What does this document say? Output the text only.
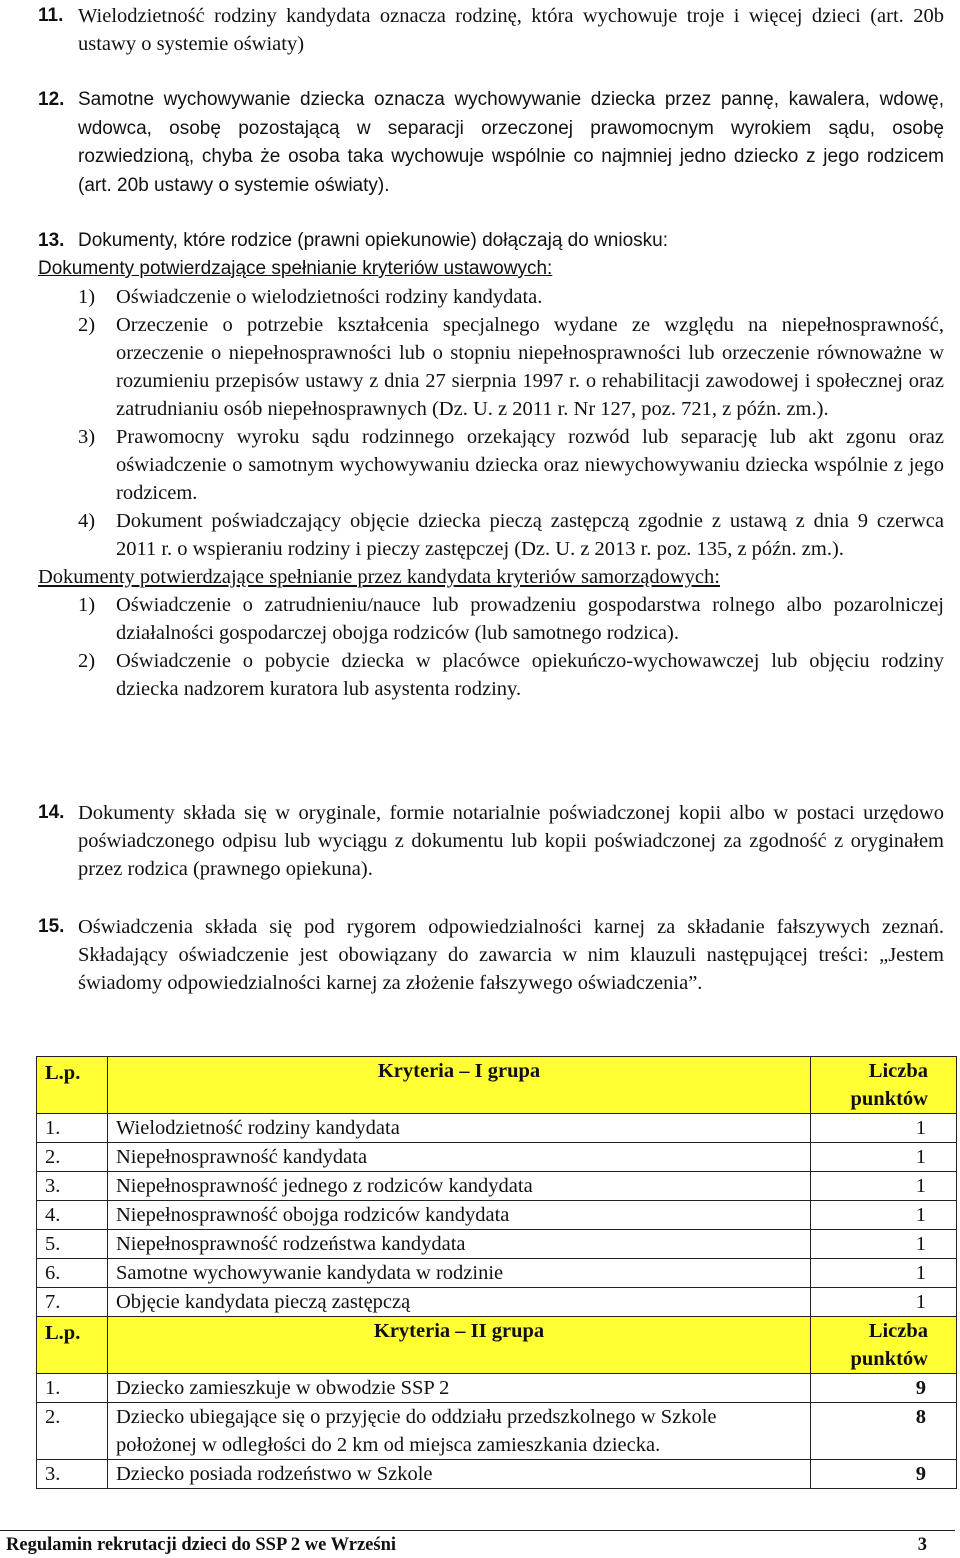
11. Wielodzietność rodziny kandydata oznacza rodzinę, która wychowuje troje i więcej dzieci (art. 20b ustawy o systemie oświaty)
12. Samotne wychowywanie dziecka oznacza wychowywanie dziecka przez pannę, kawalera, wdowę, wdowca, osobę pozostającą w separacji orzeczonej prawomocnym wyrokiem sądu, osobę rozwiedzioną, chyba że osoba taka wychowuje wspólnie co najmniej jedno dziecko z jego rodzicem (art. 20b ustawy o systemie oświaty).
13. Dokumenty, które rodzice (prawni opiekunowie) dołączają do wniosku:
Dokumenty potwierdzające spełnianie kryteriów ustawowych:
1) Oświadczenie o wielodzietności rodziny kandydata.
2) Orzeczenie o potrzebie kształcenia specjalnego wydane ze względu na niepełnosprawność, orzeczenie o niepełnosprawności lub o stopniu niepełnosprawności lub orzeczenie równoważne w rozumieniu przepisów ustawy z dnia 27 sierpnia 1997 r. o rehabilitacji zawodowej i społecznej oraz zatrudnianiu osób niepełnosprawnych (Dz. U. z 2011 r. Nr 127, poz. 721, z późn. zm.).
3) Prawomocny wyroku sądu rodzinnego orzekający rozwód lub separację lub akt zgonu oraz oświadczenie o samotnym wychowywaniu dziecka oraz niewychowywaniu dziecka wspólnie z jego rodzicem.
4) Dokument poświadczający objęcie dziecka pieczą zastępczą zgodnie z ustawą z dnia 9 czerwca 2011 r. o wspieraniu rodziny i pieczy zastępczej (Dz. U. z 2013 r. poz. 135, z późn. zm.).
Dokumenty potwierdzające spełnianie przez kandydata kryteriów samorządowych:
1) Oświadczenie o zatrudnieniu/nauce lub prowadzeniu gospodarstwa rolnego albo pozarolniczej działalności gospodarczej obojga rodziców (lub samotnego rodzica).
2) Oświadczenie o pobycie dziecka w placówce opiekuńczo-wychowawczej lub objęciu rodziny dziecka nadzorem kuratora lub asystenta rodziny.
14. Dokumenty składa się w oryginale, formie notarialnie poświadczonej kopii albo w postaci urzędowo poświadczonego odpisu lub wyciągu z dokumentu lub kopii poświadczonej za zgodność z oryginałem przez rodzica (prawnego opiekuna).
15. Oświadczenia składa się pod rygorem odpowiedzialności karnej za składanie fałszywych zeznań. Składający oświadczenie jest obowiązany do zawarcia w nim klauzuli następującej treści: „Jestem świadomy odpowiedzialności karnej za złożenie fałszywego oświadczenia”.
L.p.	Kryteria – I grupa	Liczba
punktów

1.	Wielodzietność rodziny kandydata	1
2.	Niepełnosprawność kandydata	1
3.	Niepełnosprawność jednego z rodziców kandydata	1
4.	Niepełnosprawność obojga rodziców kandydata	1
5.	Niepełnosprawność rodzeństwa kandydata	1
6.	Samotne wychowywanie kandydata w rodzinie	1
7.	Objęcie kandydata pieczą zastępczą	1
L.p.	Kryteria – II grupa	Liczba
punktów

1.	Dziecko zamieszkuje w obwodzie SSP 2	9
2.	Dziecko ubiegające się o przyjęcie do oddziału przedszkolnego w Szkole położonej w odległości do 2 km od miejsca zamieszkania dziecka.	8
3.	Dziecko posiada rodzeństwo w Szkole	9
Regulamin rekrutacji dzieci do SSP 2 we Wrześni	3
